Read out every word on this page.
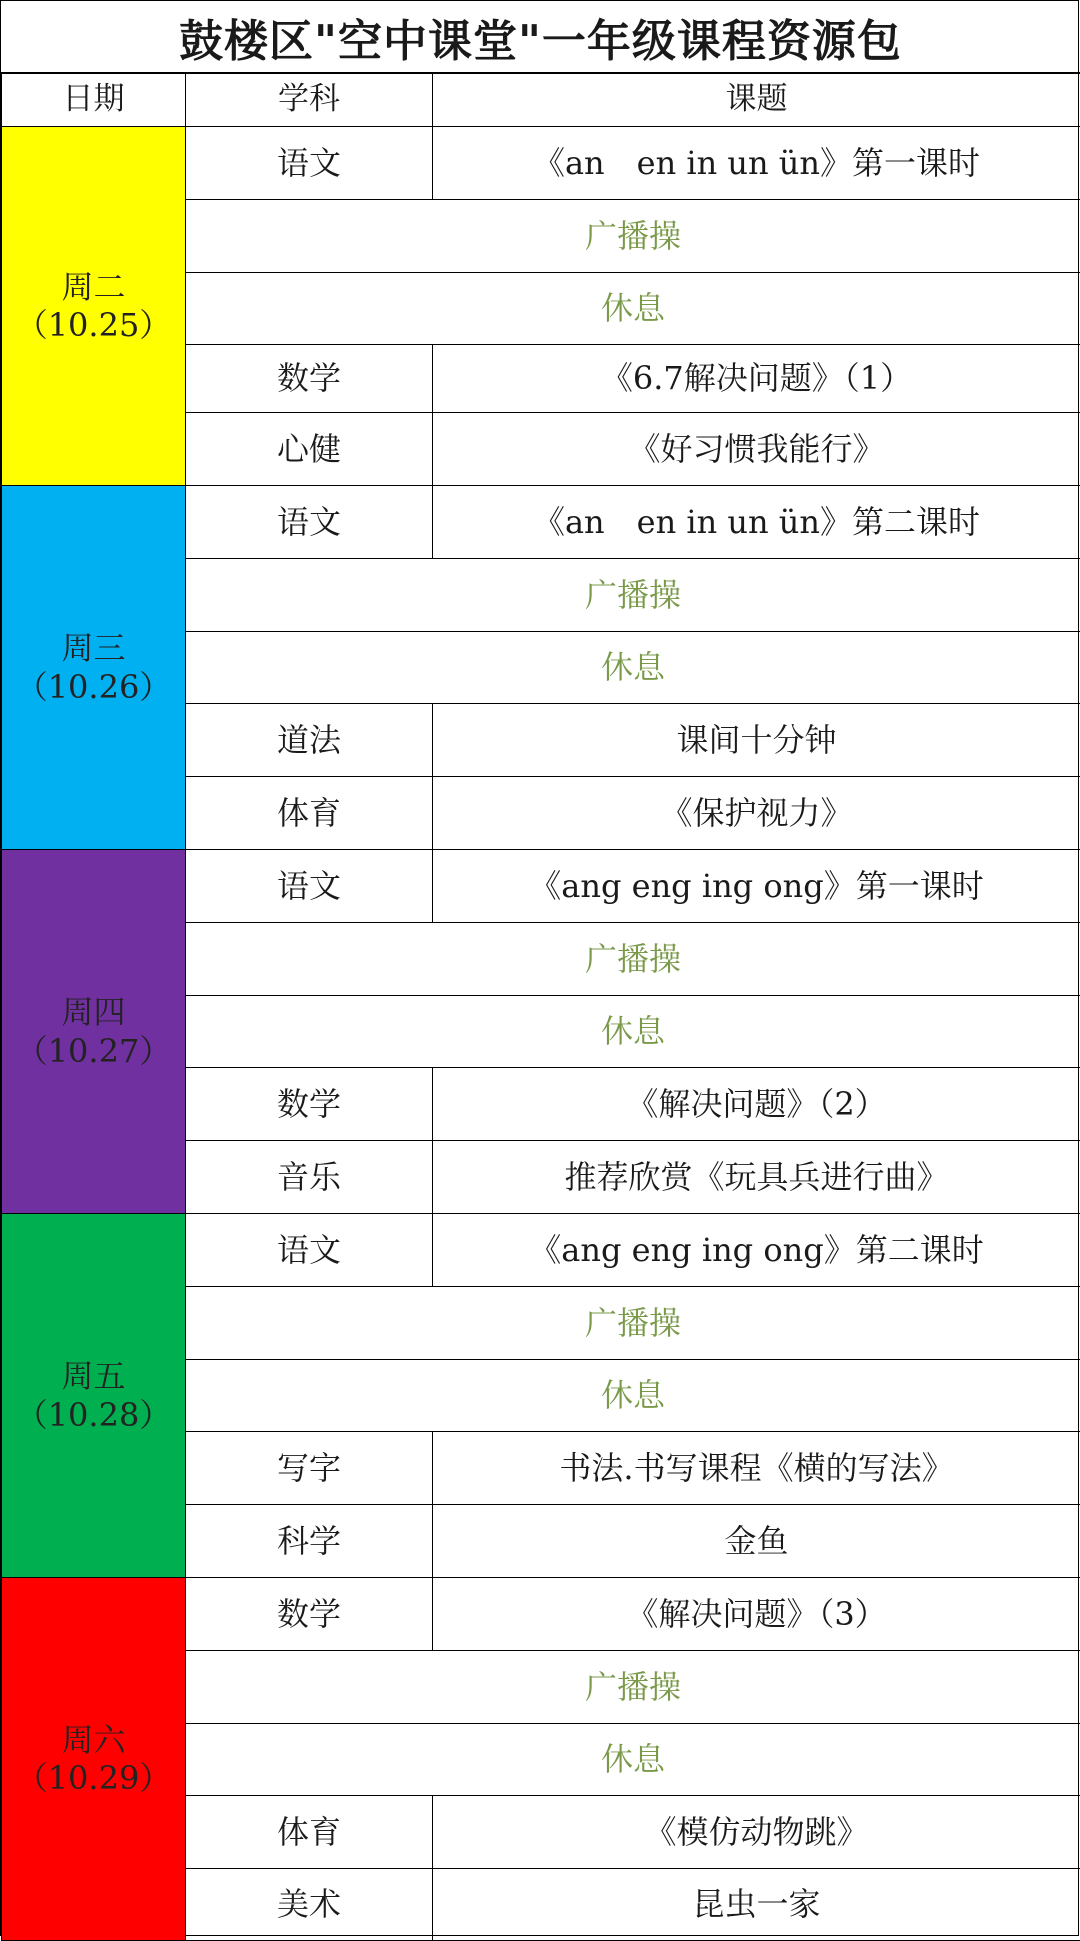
鼓楼区"空中课堂"一年级课程资源包
日期	学科	课题

周二
（10.25）	语文	《an　en in un ün》第一课时
	广播操	
	休息	
	数学	《6.7解决问题》（1）
	心健	《好习惯我能行》

周三
（10.26）	语文	《an　en in un ün》第二课时
	广播操	
	休息	
	道法	课间十分钟
	体育	《保护视力》

周四
（10.27）	语文	《ang eng ing ong》第一课时
	广播操	
	休息	
	数学	《解决问题》（2）
	音乐	推荐欣赏《玩具兵进行曲》

周五
（10.28）	语文	《ang eng ing ong》第二课时
	广播操	
	休息	
	写字	书法.书写课程《横的写法》
	科学	金鱼

周六
（10.29）	数学	《解决问题》（3）
	广播操	
	休息	
	体育	《模仿动物跳》
	美术	昆虫一家
